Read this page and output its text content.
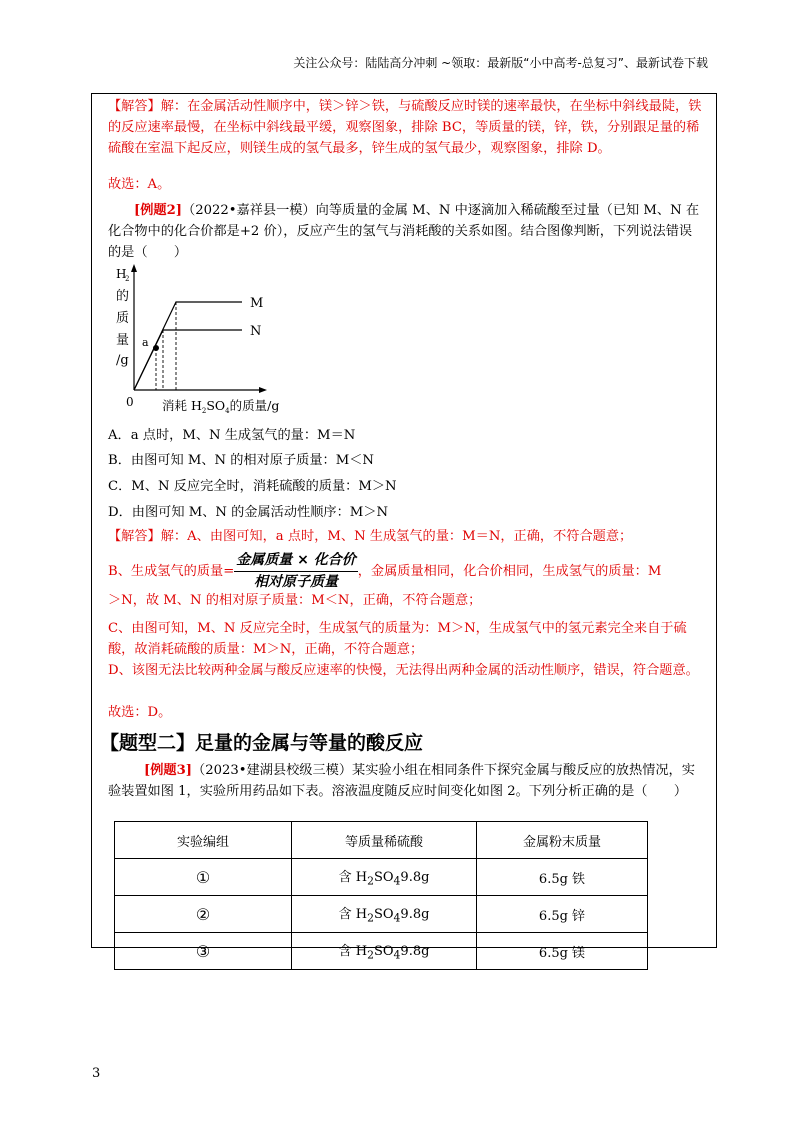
关注公众号：陆陆高分冲刺 ~领取：最新版“小中高考-总复习”、最新试卷下载
【解答】解：在金属活动性顺序中，镁＞锌＞铁，与硫酸反应时镁的速率最快，在坐标中斜线最陡，铁的反应速率最慢，在坐标中斜线最平缓，观察图象，排除 BC，等质量的镁，锌，铁，分别跟足量的稀硫酸在室温下起反应，则镁生成的氢气最多，锌生成的氢气最少，观察图象，排除 D。
故选：A。
[例题2]（2022•嘉祥县一模）向等质量的金属 M、N 中逐滴加入稀硫酸至过量（已知 M、N 在化合物中的化合价都是+2 价），反应产生的氢气与消耗酸的关系如图。结合图像判断，下列说法错误的是（　　）
H
2
的
质
量
/g
0
a
M
N
消耗 $H_2SO_4$的质量/g
A．a 点时，M、N 生成氢气的量：M＝N
B．由图可知 M、N 的相对原子质量：M＜N
C．M、N 反应完全时，消耗硫酸的质量：M＞N
D．由图可知 M、N 的金属活动性顺序：M＞N
【解答】解：A、由图可知，a 点时，M、N 生成氢气的量：M＝N，正确，不符合题意；
B、生成氢气的质量= $\frac{\text{金属质量 × 化合价}}{\text{相对原子质量}}$ ，金属质量相同，化合价相同，生成氢气的质量：M
＞N，故 M、N 的相对原子质量：M＜N，正确，不符合题意；
C、由图可知，M、N 反应完全时，生成氢气的质量为：M＞N，生成氢气中的氢元素完全来自于硫酸，故消耗硫酸的质量：M＞N，正确，不符合题意；
D、该图无法比较两种金属与酸反应速率的快慢，无法得出两种金属的活动性顺序，错误，符合题意。
故选：D。
【题型二】足量的金属与等量的酸反应
[例题3]（2023•建湖县校级三模）某实验小组在相同条件下探究金属与酸反应的放热情况，实验装置如图 1，实验所用药品如下表。溶液温度随反应时间变化如图 2。下列分析正确的是（　　）
实验编组	等质量稀硫酸	金属粉末质量
①	含 $H_2SO_49.8g$	6.5g 铁
②	含 $H_2SO_49.8g$	6.5g 锌
③	含 $H_2SO_49.8g$	6.5g 镁
3
